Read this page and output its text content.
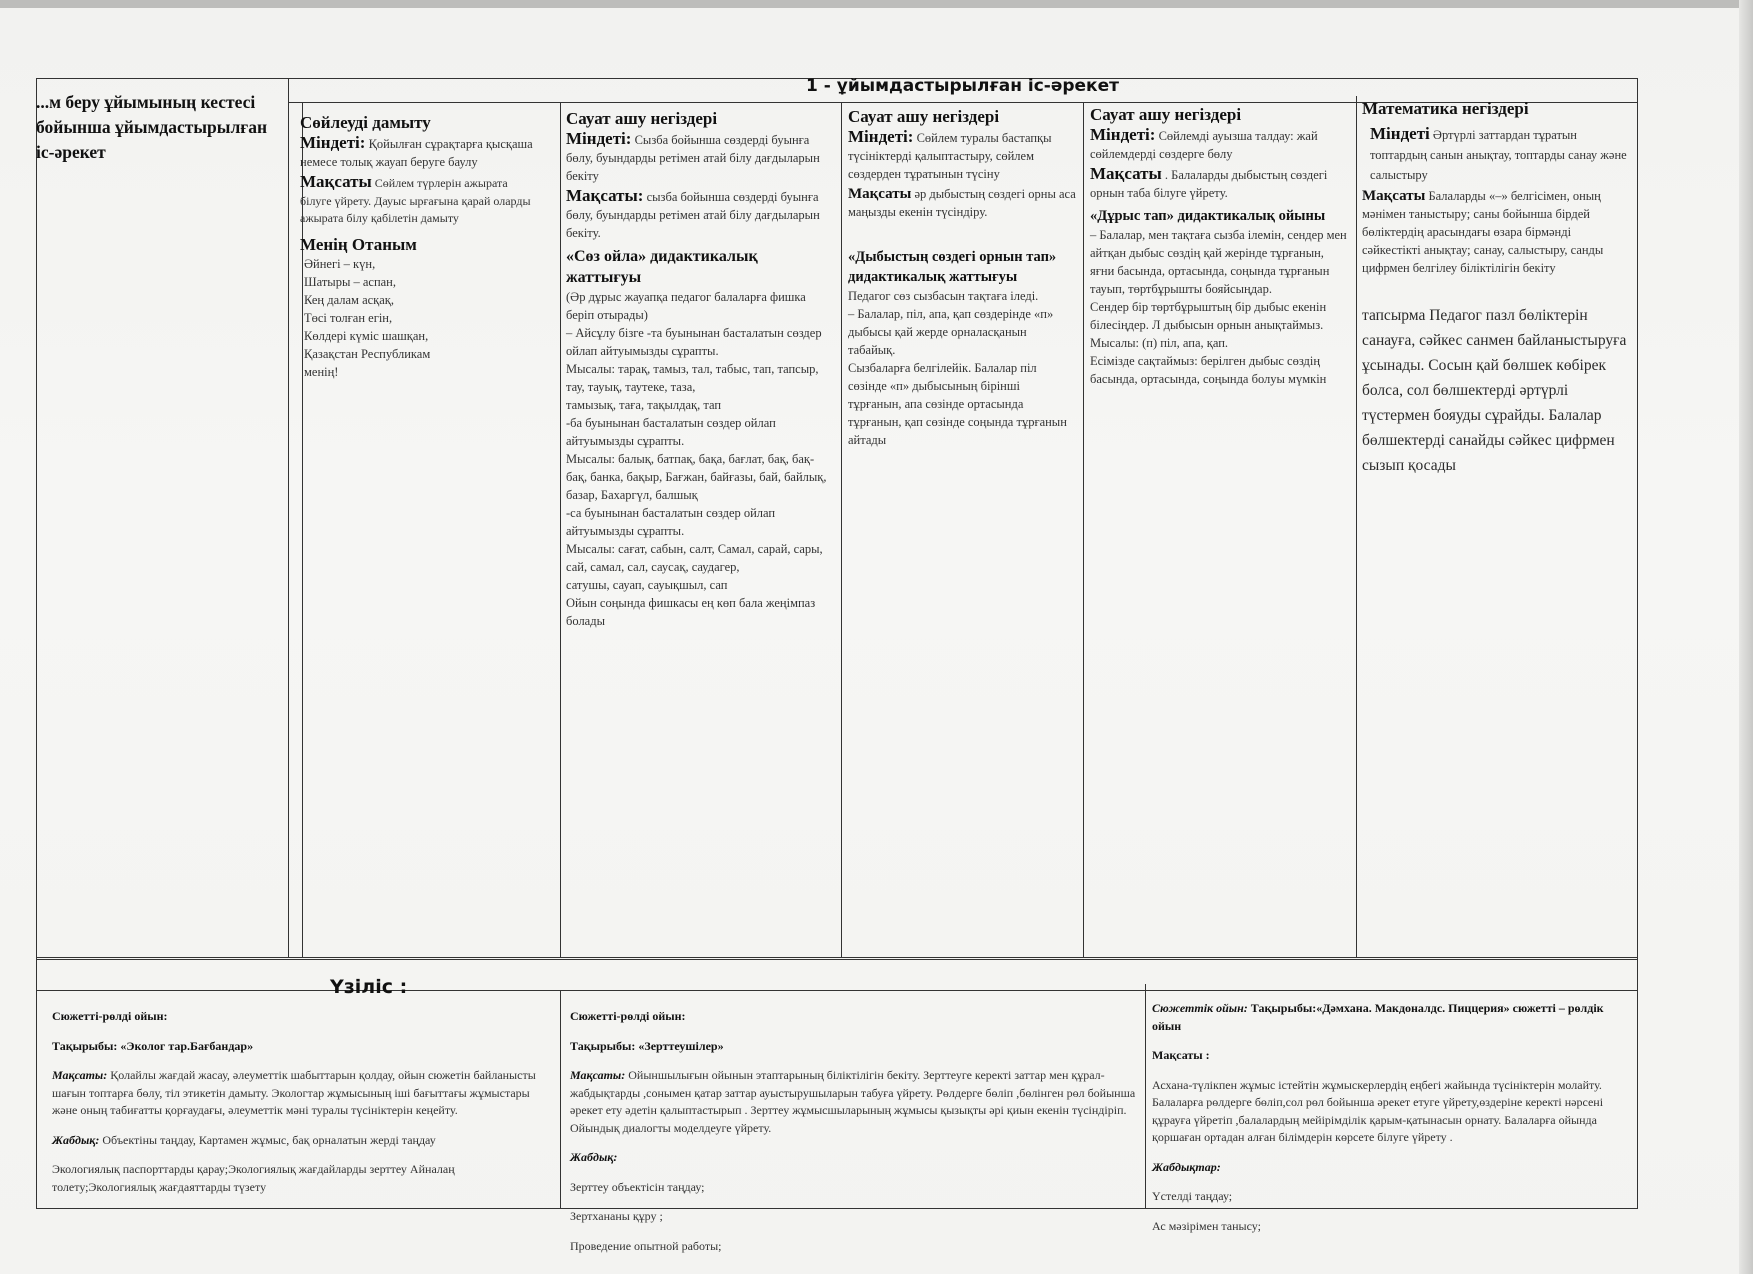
...м беру ұйымының кестесі бойынша ұйымдастырылған іс-әрекет
1 - ұйымдастырылған іс-әрекет

Сөйлеуді дамыту

Міндеті: Қойылған сұрақтарға қысқаша немесе толық жауап беруге баулу

Мақсаты Сөйлем түрлерін ажырата білуге үйрету. Дауыс ырғағына қарай оларды ажырата білу қабілетін дамыту

Менің Отаным

Әйнегі – күн,

Шатыры – аспан,

Кең далам асқақ,

Төсі толған егін,

Көлдері күміс шашқан,

Қазақстан Республикам

менің!

Сауат ашу негіздері

Міндеті: Сызба бойынша сөздерді буынға бөлу, буындарды ретімен атай білу дағдыларын бекіту

Мақсаты: сызба бойынша сөздерді буынға бөлу, буындарды ретімен атай білу дағдыларын бекіту.

«Сөз ойла» дидактикалық жаттығуы

(Әр дұрыс жауапқа педагог балаларға фишка беріп отырады)

– Айсұлу бізге -та буынынан басталатын сөздер ойлап айтуымызды сұрапты.

Мысалы: тарақ, тамыз, тал, табыс, тап, тапсыр, тау, тауық, таутеке, таза,

тамызық, таға, тақылдақ, тап

-ба буынынан басталатын сөздер ойлап айтуымызды сұрапты.

Мысалы: балық, батпақ, бақа, бағлат, бақ, бақ-бақ, банка, бақыр, Бағжан, байғазы, бай, байлық, базар, Бахаргүл, балшық

-са буынынан басталатын сөздер ойлап айтуымызды сұрапты.

Мысалы: сағат, сабын, салт, Самал, сарай, сары, сай, самал, сал, саусақ, саудагер,

сатушы, сауап, сауықшыл, сап

Ойын соңында фишкасы ең көп бала жеңімпаз болады

Сауат ашу негіздері

Міндеті: Сөйлем туралы бастапқы түсініктерді қалыптастыру, сөйлем сөздерден тұратынын түсіну

Мақсаты әр дыбыстың сөздегі орны аса маңызды екенін түсіндіру.

«Дыбыстың сөздегі орнын тап» дидактикалық жаттығуы

Педагог сөз сызбасын тақтаға іледі.

– Балалар, піл, апа, қап сөздерінде «п» дыбысы қай жерде орналасқанын табайық.

Сызбаларға белгілейік. Балалар піл сөзінде «п» дыбысының бірінші тұрғанын, апа сөзінде ортасында тұрғанын, қап сөзінде соңында тұрғанын айтады

Сауат ашу негіздері

Міндеті: Сөйлемді ауызша талдау: жай сөйлемдерді сөздерге бөлу

Мақсаты . Балаларды дыбыстың сөздегі орнын таба білуге үйрету.

«Дұрыс тап» дидактикалық ойыны

– Балалар, мен тақтаға сызба ілемін, сендер мен айтқан дыбыс сөздің қай жерінде тұрғанын, яғни басында, ортасында, соңында тұрғанын тауып, төртбұрышты бояйсыңдар.

Сендер бір төртбұрыштың бір дыбыс екенін білесіңдер. Л дыбысын орнын анықтаймыз.

Мысалы: (п) піл, апа, қап.

Есімізде сақтаймыз: берілген дыбыс сөздің басында, ортасында, соңында болуы мүмкін

Математика негіздері

Міндеті Әртүрлі заттардан тұратын топтардың санын анықтау, топтарды санау және салыстыру

Мақсаты Балаларды «–» белгісімен, оның мәнімен таныстыру; саны бойынша бірдей бөліктердің арасындағы өзара бірмәнді сәйкестікті анықтау; санау, салыстыру, санды цифрмен белгілеу біліктілігін бекіту

тапсырма Педагог пазл бөліктерін санауға, сәйкес санмен байланыстыруға ұсынады. Сосын қай бөлшек көбірек болса, сол бөлшектерді әртүрлі түстермен бояуды сұрайды. Балалар бөлшектерді санайды сәйкес цифрмен сызып қосады

Үзіліс :

Сюжетті-рөлді ойын:

Тақырыбы: «Эколог тар.Бағбандар»

Мақсаты: Қолайлы жағдай жасау, әлеуметтік шабыттарын қолдау, ойын сюжетін байланысты шағын топтарға бөлу, тіл этикетін дамыту. Экологтар жұмысының іші бағыттағы жұмыстары және оның табиғатты қорғаудағы, әлеуметтік мәні туралы түсініктерін кеңейту.

Жабдық: Объектіны таңдау, Картамен жұмыс, бақ орналатын жерді таңдау

Экологиялық паспорттарды қарау;Экологиялық жағдайларды зерттеу Айналаң толету;Экологиялық жағдаяттарды түзету

Сюжетті-рөлді ойын:

Тақырыбы: «Зерттеушілер»

Мақсаты: Ойыншылығын ойынын этаптарының біліктілігін бекіту. Зерттеуге керекті заттар мен құрал-жабдықтарды ,сонымен қатар заттар ауыстырушыларын табуға үйрету. Рөлдерге бөліп ,бөлінген рөл бойынша әрекет ету әдетін қалыптастырып . Зерттеу жұмысшыларының жұмысы қызықты әрі қиын екенін түсіндіріп. Ойындық диалогты моделдеуге үйрету.

Жабдық:

Зерттеу объектісін таңдау;

Зертхананы құру ;

Проведение опытной работы;

Сюжеттік ойын: Тақырыбы:«Дәмхана. Макдоналдс. Пиццерия» сюжетті – рөлдік ойын

Мақсаты :

Асхана-түлікпен жұмыс істейтін жұмыскерлердің еңбегі жайында түсініктерін молайту. Балаларға рөлдерге бөліп,сол рөл бойынша әрекет етуге үйрету,өздеріне керекті нәрсені құрауға үйретіп ,балалардың мейірімділік қарым-қатынасын орнату. Балаларға ойында қоршаған ортадан алған білімдерін көрсете білуге үйрету .

Жабдықтар:

Үстелді таңдау;

Ас мәзірімен танысу;
